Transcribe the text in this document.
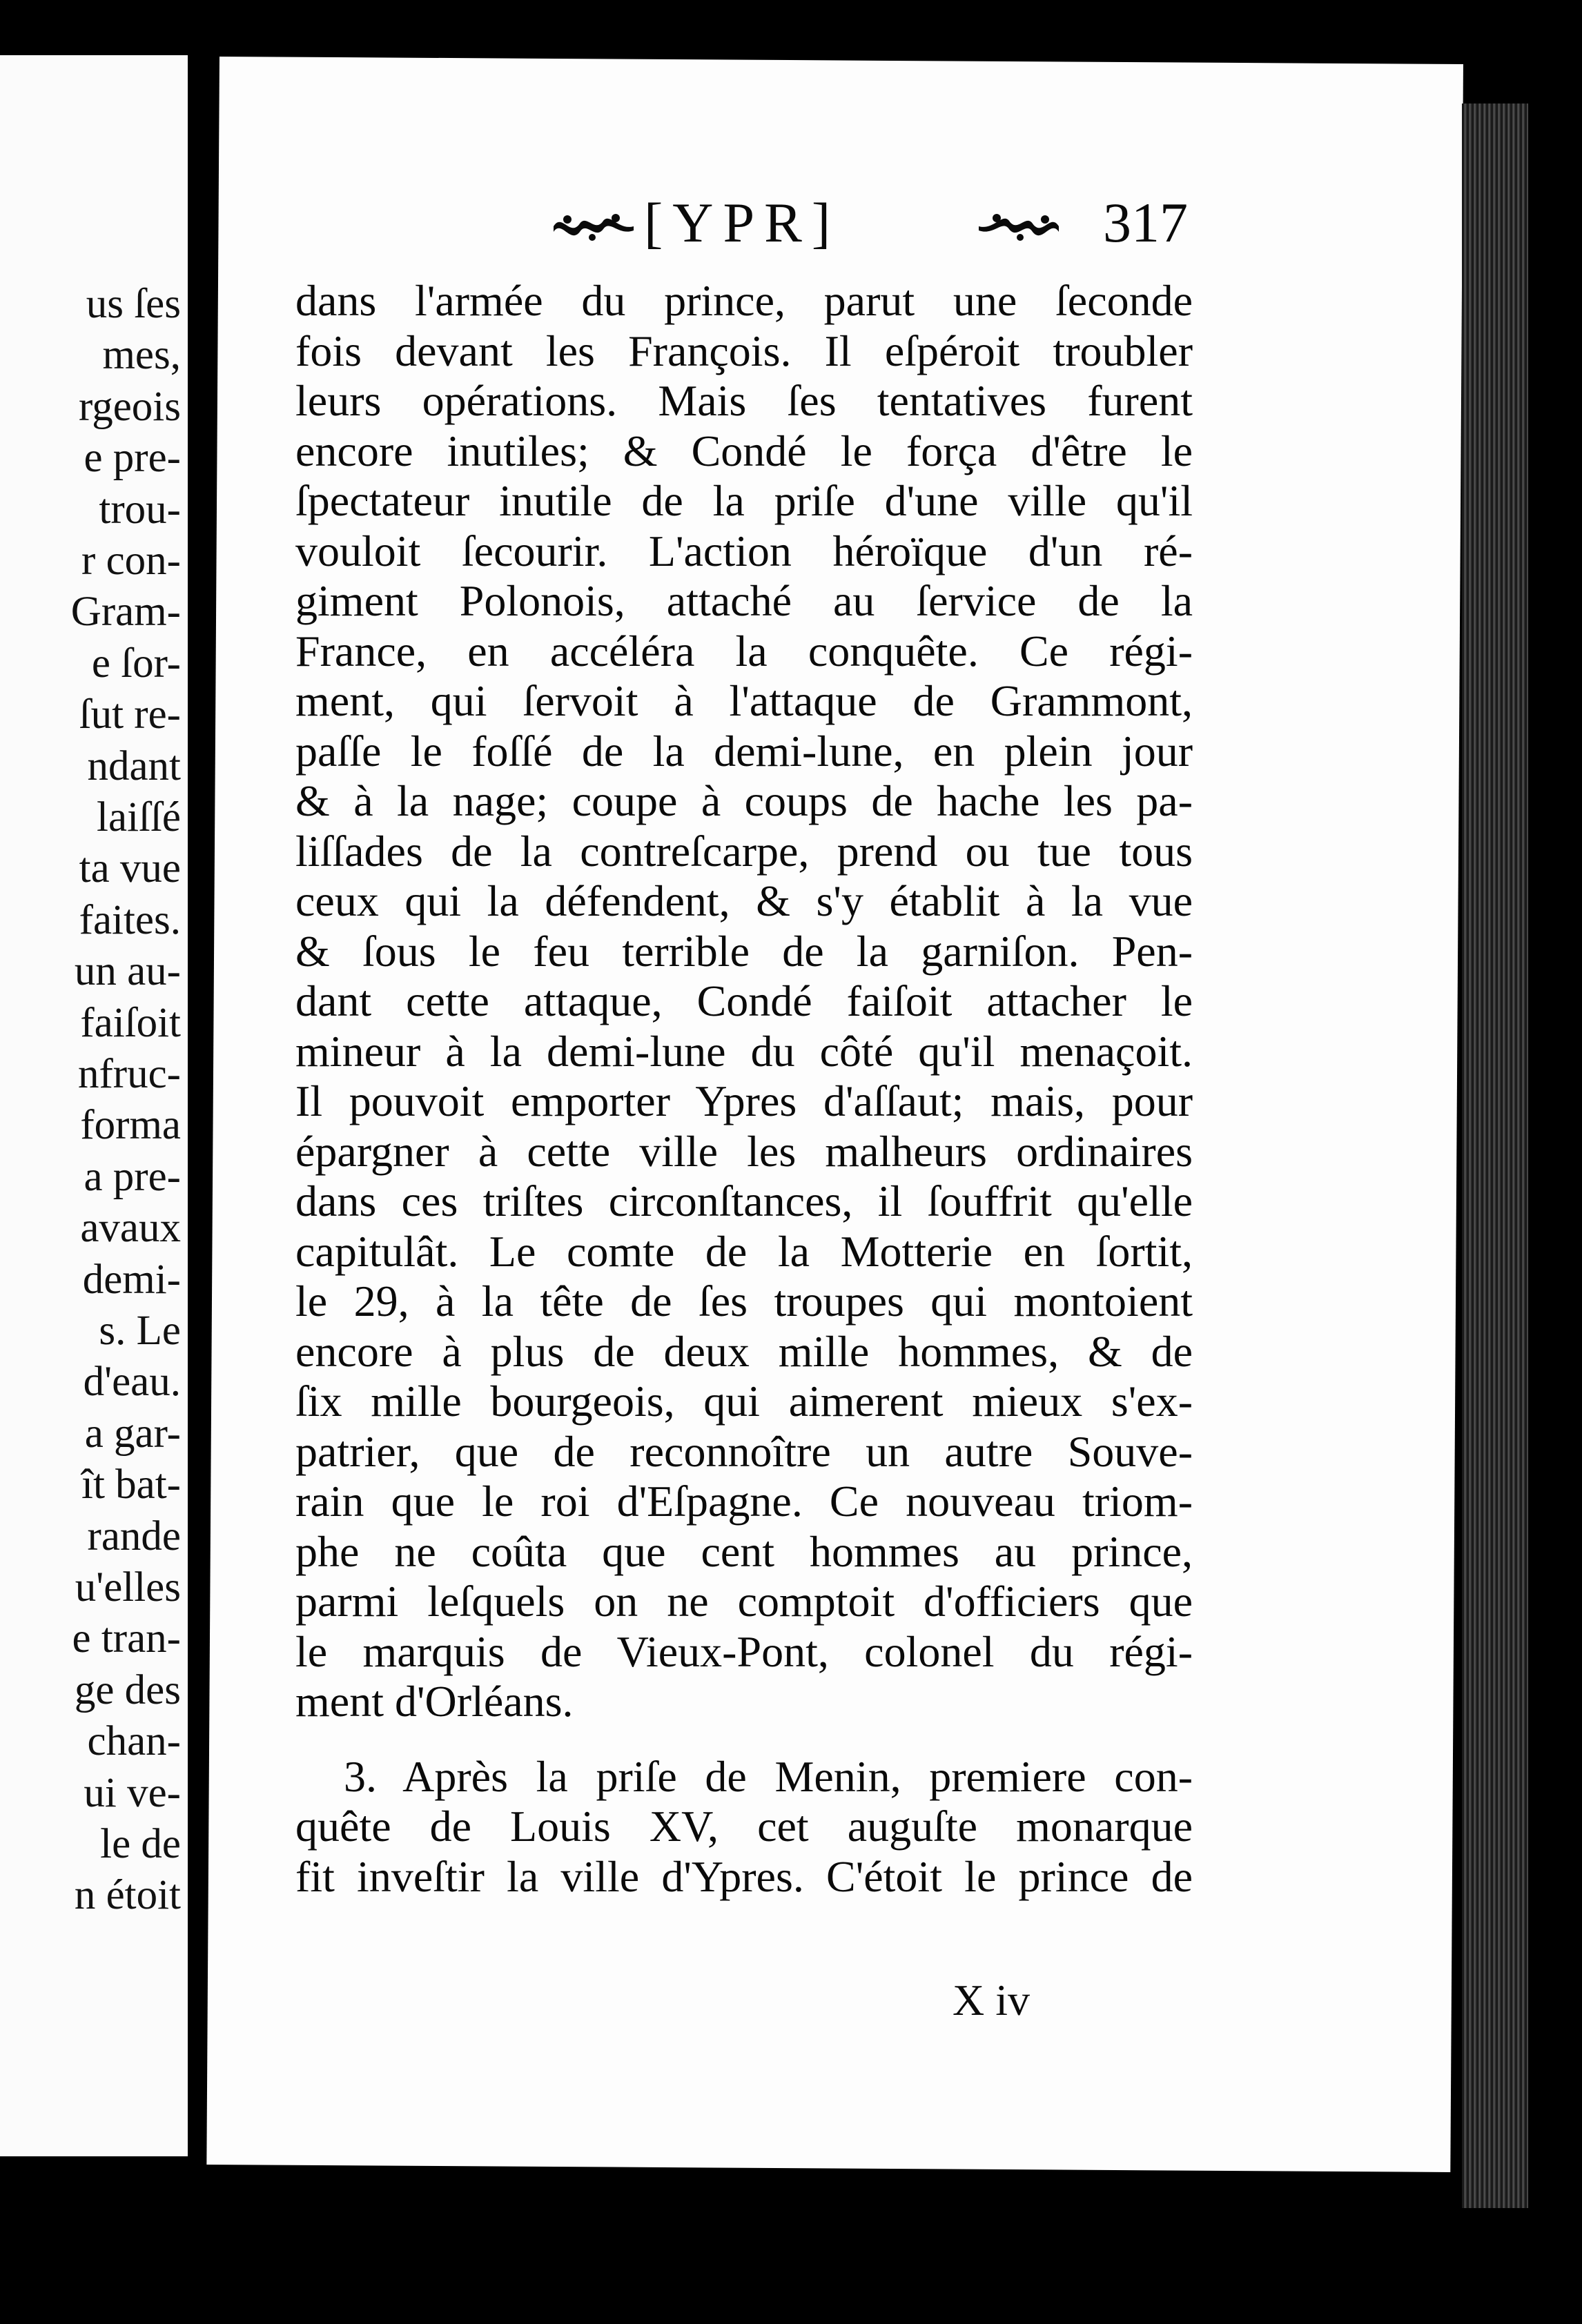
us ſes
mes,
rgeois
e pre-
trou-
r con-
Gram-
e ſor-
ſut re-
ndant
laiſſé
ta vue
faites.
un au-
faiſoit
nfruc-
forma
a pre-
avaux
demi-
s. Le
d'eau.
a gar-
ît bat-
rande
u'elles
e tran-
ge des
chan-
ui ve-
le de
n étoit
[YPR]	317
dans l'armée du prince, parut une ſeconde
fois devant les François. Il eſpéroit troubler
leurs opérations. Mais ſes tentatives furent
encore inutiles; & Condé le força d'être le
ſpectateur inutile de la priſe d'une ville qu'il
vouloit ſecourir. L'action héroïque d'un ré-
giment Polonois, attaché au ſervice de la
France, en accéléra la conquête. Ce régi-
ment, qui ſervoit à l'attaque de Grammont,
paſſe le foſſé de la demi-lune, en plein jour
& à la nage; coupe à coups de hache les pa-
liſſades de la contreſcarpe, prend ou tue tous
ceux qui la défendent, & s'y établit à la vue
& ſous le feu terrible de la garniſon. Pen-
dant cette attaque, Condé faiſoit attacher le
mineur à la demi-lune du côté qu'il menaçoit.
Il pouvoit emporter Ypres d'aſſaut; mais, pour
épargner à cette ville les malheurs ordinaires
dans ces triſtes circonſtances, il ſouffrit qu'elle
capitulât. Le comte de la Motterie en ſortit,
le 29, à la tête de ſes troupes qui montoient
encore à plus de deux mille hommes, & de
ſix mille bourgeois, qui aimerent mieux s'ex-
patrier, que de reconnoître un autre Souve-
rain que le roi d'Eſpagne. Ce nouveau triom-
phe ne coûta que cent hommes au prince,
parmi leſquels on ne comptoit d'officiers que
le marquis de Vieux-Pont, colonel du régi-
ment d'Orléans.
3. Après la priſe de Menin, premiere con-
quête de Louis XV, cet auguſte monarque
fit inveſtir la ville d'Ypres. C'étoit le prince de
X iv
